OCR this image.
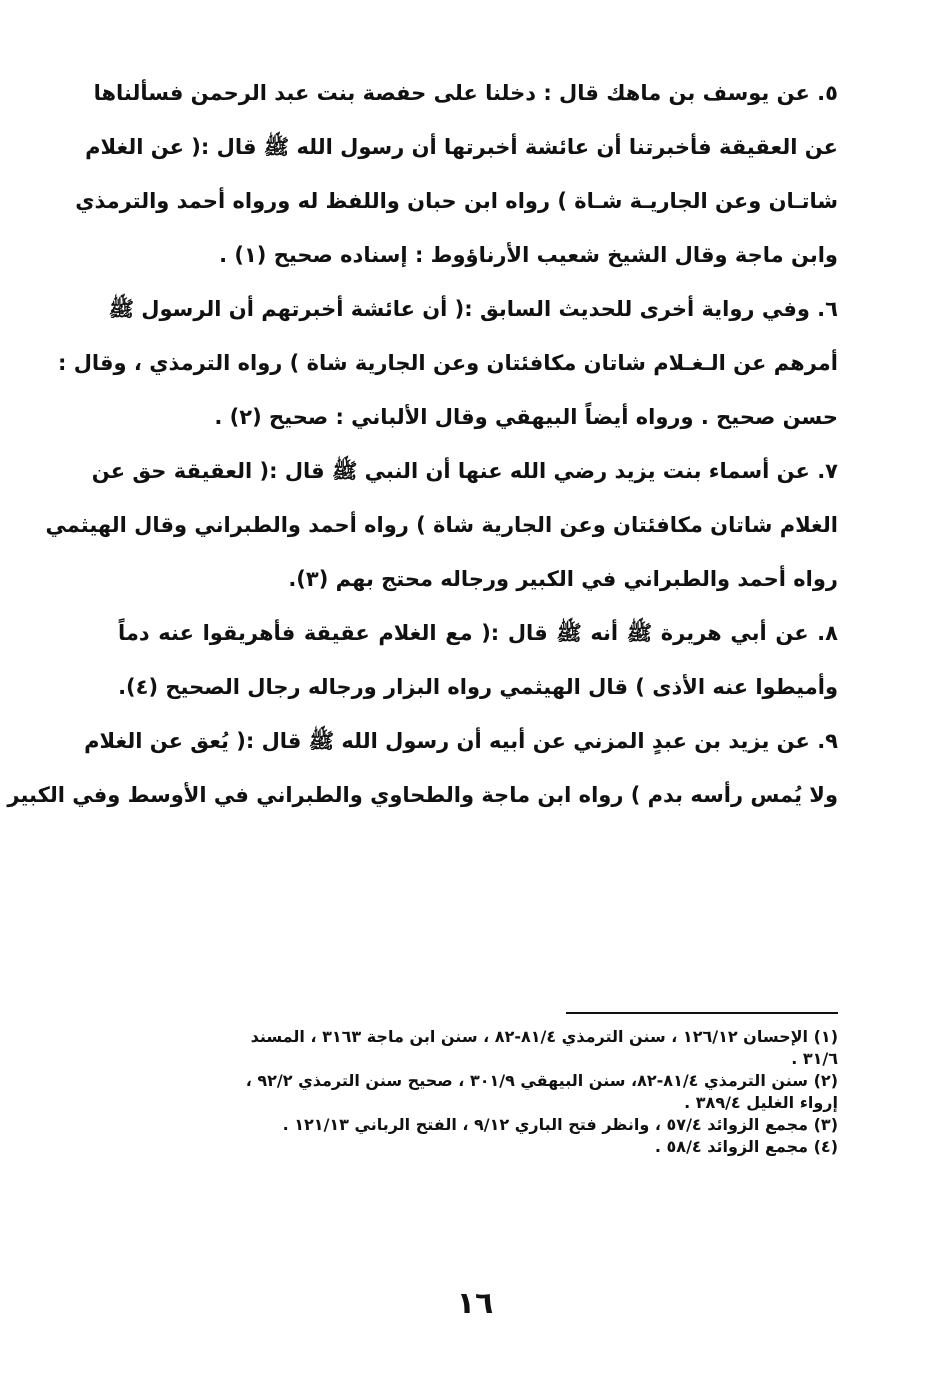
٥. عن يوسف بن ماهك قال : دخلنا على حفصة بنت عبد الرحمن فسألناها
عن العقيقة فأخبرتنا أن عائشة أخبرتها أن رسول الله ﷺ قال :( عن الغلام
شاتـان وعن الجاريـة شـاة ) رواه ابن حبان واللفظ له ورواه أحمد والترمذي
وابن ماجة وقال الشيخ شعيب الأرناؤوط : إسناده صحيح (١) .
٦. وفي رواية أخرى للحديث السابق :( أن عائشة أخبرتهم أن الرسول ﷺ
أمرهم عن الـغـلام شاتان مكافئتان وعن الجارية شاة ) رواه الترمذي ، وقال :
حسن صحيح . ورواه أيضاً البيهقي وقال الألباني : صحيح (٢) .
٧. عن أسماء بنت يزيد رضي الله عنها أن النبي ﷺ قال :( العقيقة حق عن
الغلام شاتان مكافئتان وعن الجارية شاة ) رواه أحمد والطبراني وقال الهيثمي
رواه أحمد والطبراني في الكبير ورجاله محتج بهم (٣).
٨. عن أبي هريرة ﷺ أنه ﷺ قال :( مع الغلام عقيقة فأهريقوا عنه دماً
وأميطوا عنه الأذى ) قال الهيثمي رواه البزار ورجاله رجال الصحيح (٤).
٩. عن يزيد بن عبدٍ المزني عن أبيه أن رسول الله ﷺ قال :( يُعق عن الغلام
ولا يُمس رأسه بدم ) رواه ابن ماجة والطحاوي والطبراني في الأوسط وفي الكبير
(١) الإحسان ١٢٦/١٢ ، سنن الترمذي ٨١/٤-٨٢ ، سنن ابن ماجة ٣١٦٣ ، المسند
٣١/٦ .
(٢) سنن الترمذي ٨١/٤-٨٢، سنن البيهقي ٣٠١/٩ ، صحيح سنن الترمذي ٩٢/٢ ،
إرواء الغليل ٣٨٩/٤ .
(٣) مجمع الزوائد ٥٧/٤ ، وانظر فتح الباري ٩/١٢ ، الفتح الرباني ١٢١/١٣ .
(٤) مجمع الزوائد ٥٨/٤ .
١٦
